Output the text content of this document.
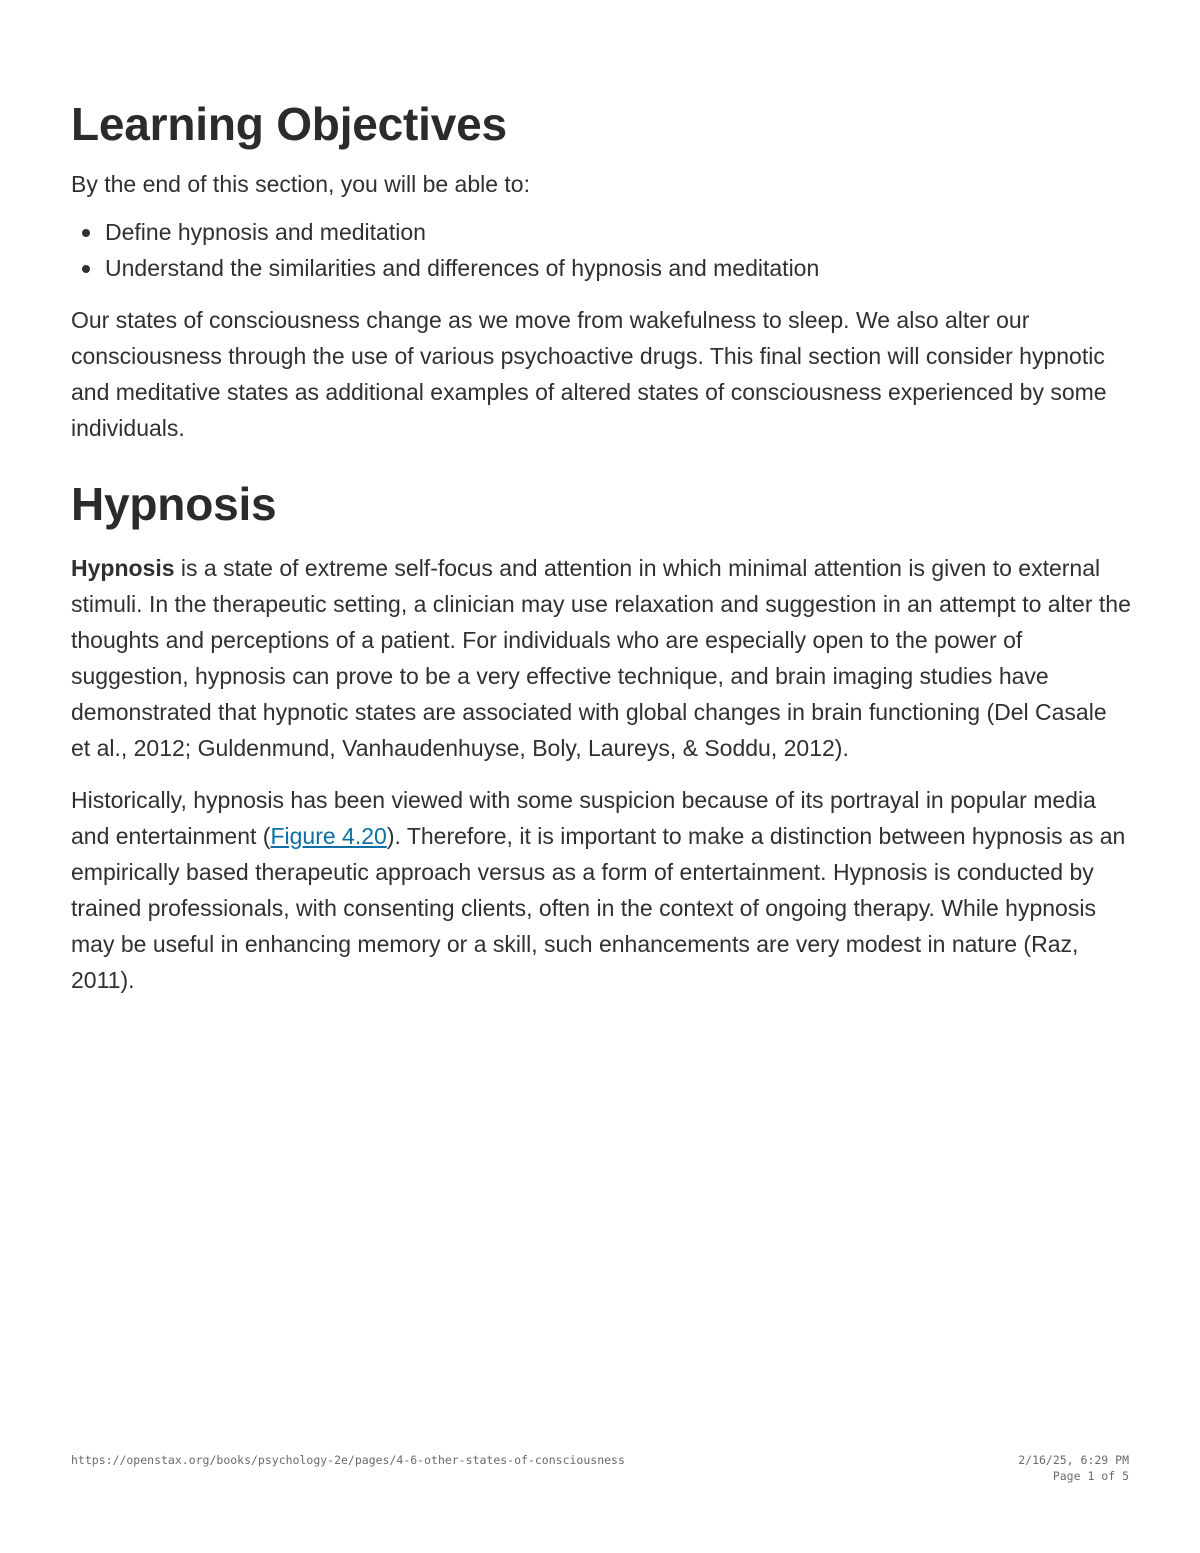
Learning Objectives

By the end of this section, you will be able to:

Define hypnosis and meditation
Understand the similarities and differences of hypnosis and meditation

Our states of consciousness change as we move from wakefulness to sleep. We also alter our consciousness through the use of various psychoactive drugs. This final section will consider hypnotic and meditative states as additional examples of altered states of consciousness experienced by some individuals.

Hypnosis

Hypnosis is a state of extreme self-focus and attention in which minimal attention is given to external stimuli. In the therapeutic setting, a clinician may use relaxation and suggestion in an attempt to alter the thoughts and perceptions of a patient. For individuals who are especially open to the power of suggestion, hypnosis can prove to be a very effective technique, and brain imaging studies have demonstrated that hypnotic states are associated with global changes in brain functioning (Del Casale et al., 2012; Guldenmund, Vanhaudenhuyse, Boly, Laureys, & Soddu, 2012).

Historically, hypnosis has been viewed with some suspicion because of its portrayal in popular media and entertainment (Figure 4.20). Therefore, it is important to make a distinction between hypnosis as an empirically based therapeutic approach versus as a form of entertainment. Hypnosis is conducted by trained professionals, with consenting clients, often in the context of ongoing therapy. While hypnosis may be useful in enhancing memory or a skill, such enhancements are very modest in nature (Raz, 2011).

https://openstax.org/books/psychology-2e/pages/4-6-other-states-of-consciousness	2/16/25, 6:29 PM
Page 1 of 5
